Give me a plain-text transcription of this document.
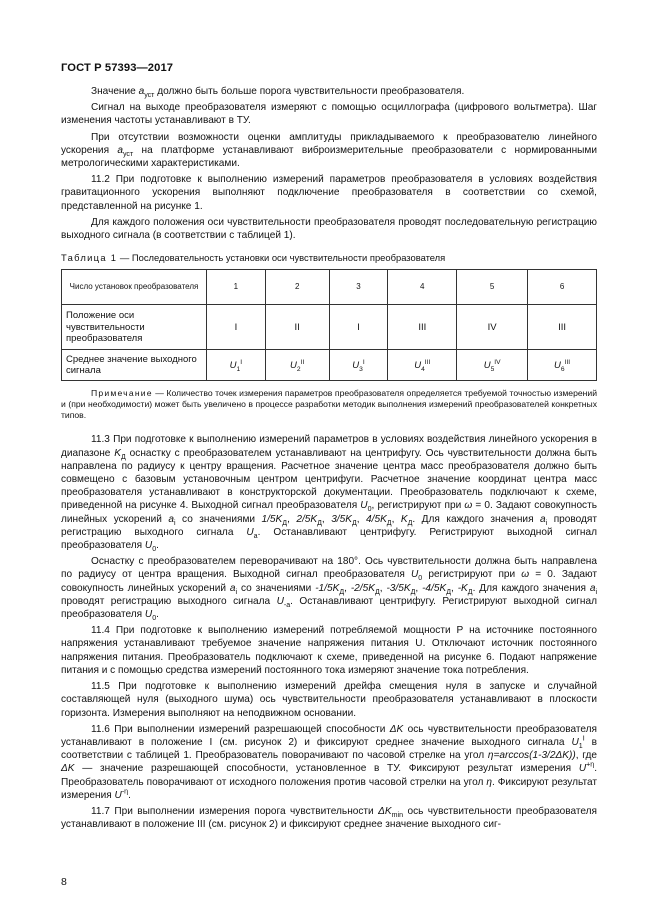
ГОСТ Р 57393—2017

Значение $a_{уст}$ должно быть больше порога чувствительности преобразователя.

Сигнал на выходе преобразователя измеряют с помощью осциллографа (цифрового вольтметра). Шаг изменения частоты устанавливают в ТУ.

При отсутствии возможности оценки амплитуды прикладываемого к преобразователю линейного ускорения $a_{уст}$ на платформе устанавливают виброизмерительные преобразователи с нормированными метрологическими характеристиками.

11.2 При подготовке к выполнению измерений параметров преобразователя в условиях воздействия гравитационного ускорения выполняют подключение преобразователя в соответствии со схемой, представленной на рисунке 1.

Для каждого положения оси чувствительности преобразователя проводят последовательную регистрацию выходного сигнала (в соответствии с таблицей 1).

Таблица 1 — Последовательность установки оси чувствительности преобразователя
Число установок преобразователя	1	2	3	4	5	6
Положение оси чувствительности преобразователя	I	II	I	III	IV	III
Среднее значение выходного сигнала	$U_1^I$	$U_2^{II}$	$U_3^I$	$U_4^{III}$	$U_5^{IV}$	$U_6^{III}$
Примечание — Количество точек измерения параметров преобразователя определяется требуемой точностью измерений и (при необходимости) может быть увеличено в процессе разработки методик выполнения измерений преобразователей конкретных типов.

11.3 При подготовке к выполнению измерений параметров в условиях воздействия линейного ускорения в диапазоне $K_Д$ оснастку с преобразователем устанавливают на центрифугу. Ось чувствительности должна быть направлена по радиусу к центру вращения. Расчетное значение центра масс преобразователя должно быть совмещено с базовым установочным центром центрифуги. Расчетное значение координат центра масс преобразователя устанавливают в конструкторской документации. Преобразователь подключают к схеме, приведенной на рисунке 4. Выходной сигнал преобразователя $U_0$, регистрируют при ω = 0. Задают совокупность линейных ускорений $a_i$ со значениями $1/5K_Д$, $2/5K_Д$, $3/5K_Д$, $4/5K_Д$, $K_Д$. Для каждого значения $a_i$ проводят регистрацию выходного сигнала $U_a$. Останавливают центрифугу. Регистрируют выходной сигнал преобразователя $U_0$.

Оснастку с преобразователем переворачивают на 180°. Ось чувствительности должна быть направлена по радиусу от центра вращения. Выходной сигнал преобразователя $U_0$ регистрируют при ω = 0. Задают совокупность линейных ускорений $a_i$ со значениями $-1/5K_Д$, $-2/5K_Д$, $-3/5K_Д$, $-4/5K_Д$, $-K_Д$. Для каждого значения $a_i$ проводят регистрацию выходного сигнала $U_{-a}$. Останавливают центрифугу. Регистрируют выходной сигнал преобразователя $U_0$.

11.4 При подготовке к выполнению измерений потребляемой мощности P на источнике постоянного напряжения устанавливают требуемое значение напряжения питания U. Отключают источник постоянного напряжения питания. Преобразователь подключают к схеме, приведенной на рисунке 6. Подают напряжение питания и с помощью средства измерений постоянного тока измеряют значение тока потребления.

11.5 При подготовке к выполнению измерений дрейфа смещения нуля в запуске и случайной составляющей нуля (выходного шума) ось чувствительности преобразователя устанавливают в плоскости горизонта. Измерения выполняют на неподвижном основании.

11.6 При выполнении измерений разрешающей способности ΔK ось чувствительности преобразователя устанавливают в положение I (см. рисунок 2) и фиксируют среднее значение выходного сигнала $U_1^I$ в соответствии с таблицей 1. Преобразователь поворачивают по часовой стрелке на угол η=arccos(1-3/2ΔK)), где ΔK — значение разрешающей способности, установленное в ТУ. Фиксируют результат измерения $U^{+\eta}$. Преобразователь поворачивают от исходного положения против часовой стрелки на угол η. Фиксируют результат измерения $U^{-\eta}$.

11.7 При выполнении измерения порога чувствительности $\Delta K_{min}$ ось чувствительности преобразователя устанавливают в положение III (см. рисунок 2) и фиксируют среднее значение выходного сиг-

8
